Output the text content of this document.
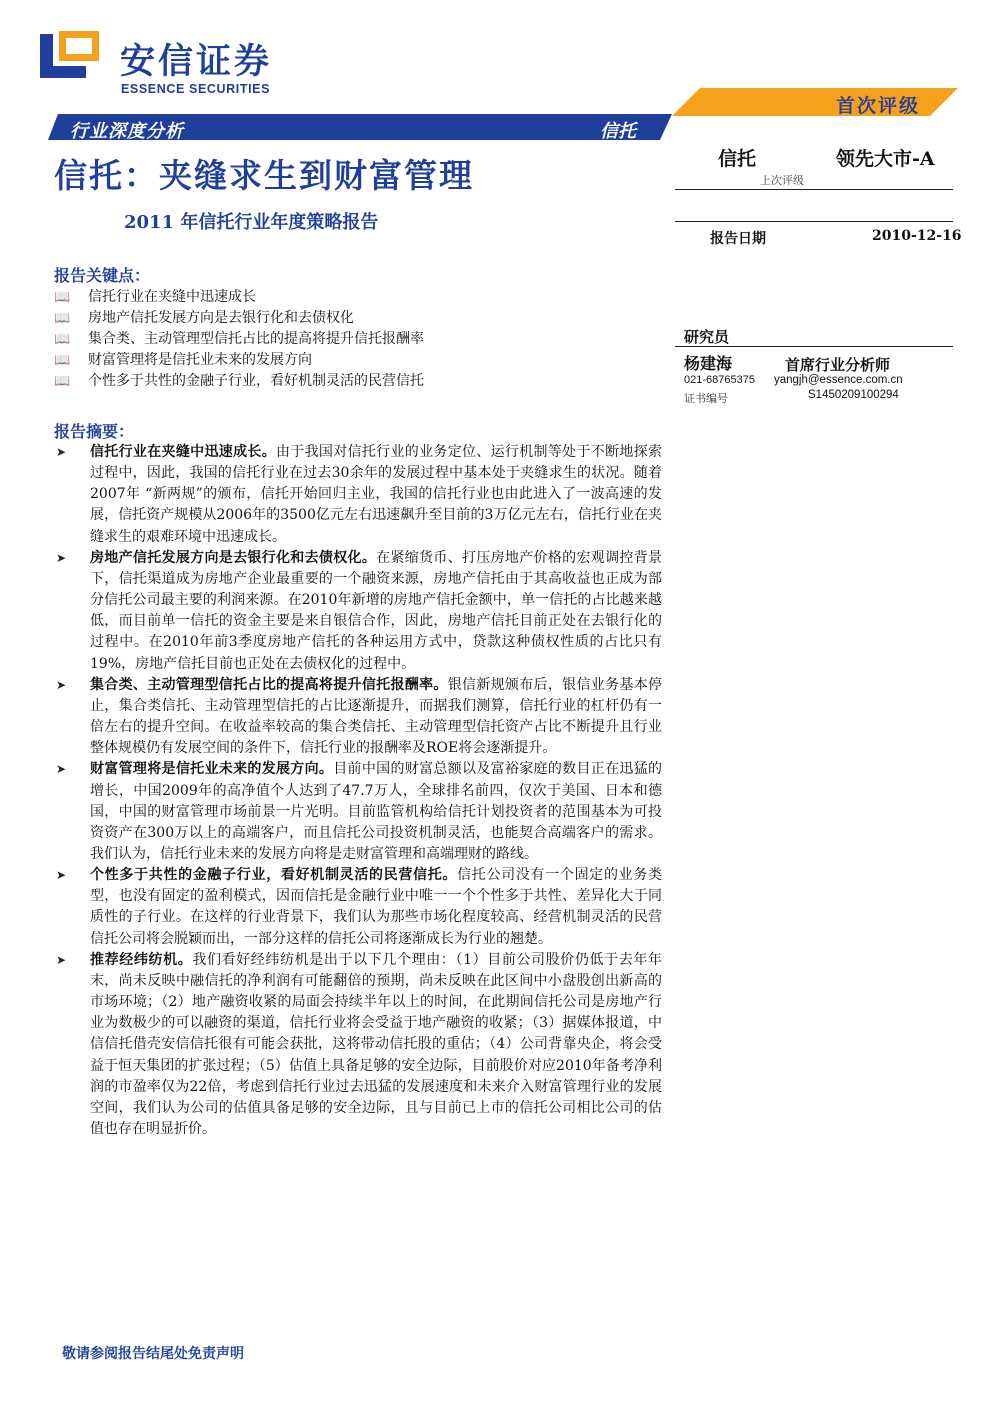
安信证券
ESSENCE SECURITIES
首次评级
行业深度分析	信托
信托：夹缝求生到财富管理
2011 年信托行业年度策略报告
信托	领先大市-A
上次评级
报告日期	2010-12-16
研究员
杨建海	首席行业分析师
021-68765375 yangjh@essence.com.cn
证书编号	S1450209100294
报告关键点：
📖 信托行业在夹缝中迅速成长
📖 房地产信托发展方向是去银行化和去债权化
📖 集合类、主动管理型信托占比的提高将提升信托报酬率
📖 财富管理将是信托业未来的发展方向
📖 个性多于共性的金融子行业，看好机制灵活的民营信托
报告摘要：
➤ 信托行业在夹缝中迅速成长。由于我国对信托行业的业务定位、运行机制等处于不断地探索过程中，因此，我国的信托行业在过去30余年的发展过程中基本处于夹缝求生的状况。随着2007年 “新两规”的颁布，信托开始回归主业，我国的信托行业也由此进入了一波高速的发展，信托资产规模从2006年的3500亿元左右迅速飙升至目前的3万亿元左右，信托行业在夹缝求生的艰难环境中迅速成长。
➤ 房地产信托发展方向是去银行化和去债权化。在紧缩货币、打压房地产价格的宏观调控背景下，信托渠道成为房地产企业最重要的一个融资来源，房地产信托由于其高收益也正成为部分信托公司最主要的利润来源。在2010年新增的房地产信托金额中，单一信托的占比越来越低，而目前单一信托的资金主要是来自银信合作，因此，房地产信托目前正处在去银行化的过程中。在2010年前3季度房地产信托的各种运用方式中，贷款这种债权性质的占比只有19%，房地产信托目前也正处在去债权化的过程中。
➤ 集合类、主动管理型信托占比的提高将提升信托报酬率。银信新规颁布后，银信业务基本停止，集合类信托、主动管理型信托的占比逐渐提升，而据我们测算，信托行业的杠杆仍有一倍左右的提升空间。在收益率较高的集合类信托、主动管理型信托资产占比不断提升且行业整体规模仍有发展空间的条件下，信托行业的报酬率及ROE将会逐渐提升。
➤ 财富管理将是信托业未来的发展方向。目前中国的财富总额以及富裕家庭的数目正在迅猛的增长，中国2009年的高净值个人达到了47.7万人，全球排名前四，仅次于美国、日本和德国，中国的财富管理市场前景一片光明。目前监管机构给信托计划投资者的范围基本为可投资资产在300万以上的高端客户，而且信托公司投资机制灵活，也能契合高端客户的需求。我们认为，信托行业未来的发展方向将是走财富管理和高端理财的路线。
➤ 个性多于共性的金融子行业，看好机制灵活的民营信托。信托公司没有一个固定的业务类型，也没有固定的盈利模式，因而信托是金融行业中唯一一个个性多于共性、差异化大于同质性的子行业。在这样的行业背景下，我们认为那些市场化程度较高、经营机制灵活的民营信托公司将会脱颖而出，一部分这样的信托公司将逐渐成长为行业的翘楚。
➤ 推荐经纬纺机。我们看好经纬纺机是出于以下几个理由：（1）目前公司股价仍低于去年年末，尚未反映中融信托的净利润有可能翻倍的预期，尚未反映在此区间中小盘股创出新高的市场环境；（2）地产融资收紧的局面会持续半年以上的时间，在此期间信托公司是房地产行业为数极少的可以融资的渠道，信托行业将会受益于地产融资的收紧；（3）据媒体报道，中信信托借壳安信信托很有可能会获批，这将带动信托股的重估；（4）公司背靠央企，将会受益于恒天集团的扩张过程；（5）估值上具备足够的安全边际，目前股价对应2010年备考净利润的市盈率仅为22倍，考虑到信托行业过去迅猛的发展速度和未来介入财富管理行业的发展空间，我们认为公司的估值具备足够的安全边际，且与目前已上市的信托公司相比公司的估值也存在明显折价。
敬请参阅报告结尾处免责声明
